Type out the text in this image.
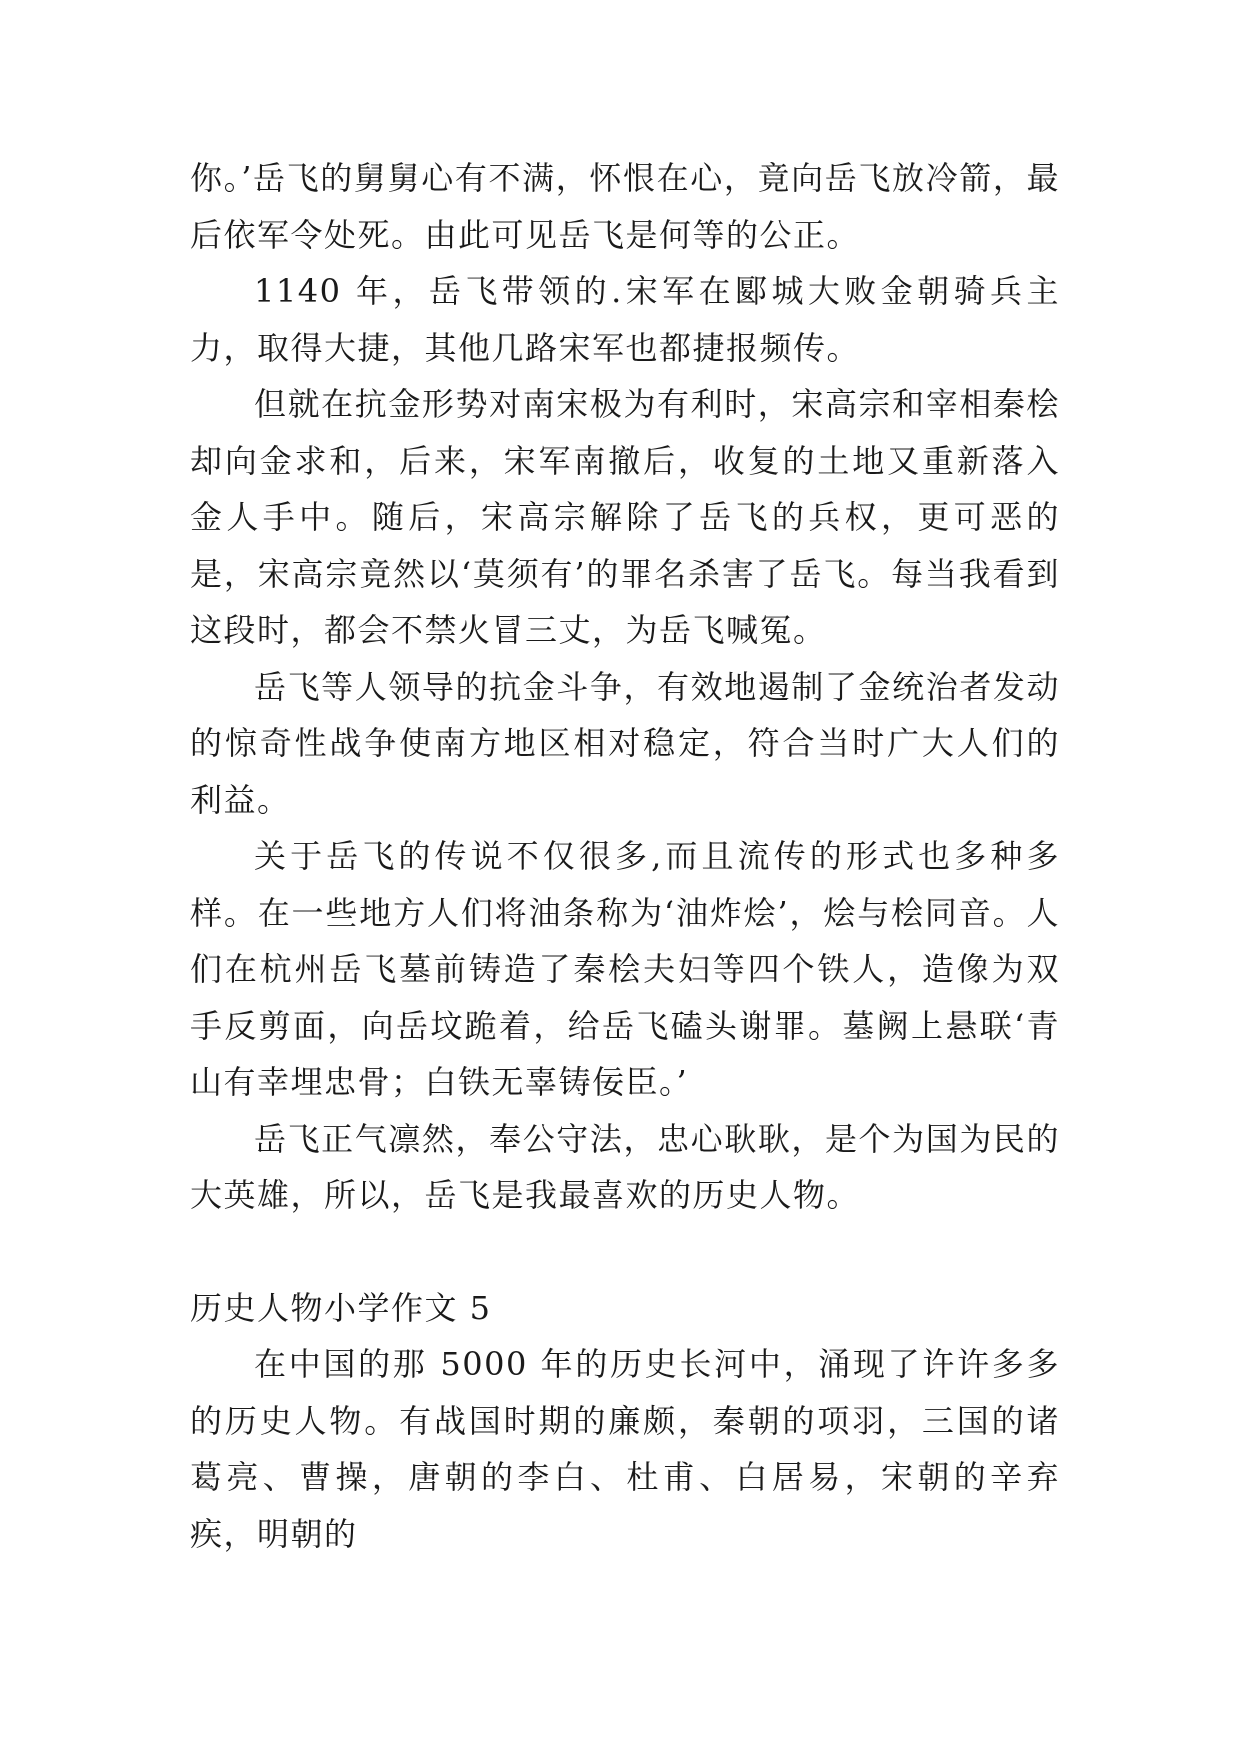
你。’岳飞的舅舅心有不满，怀恨在心，竟向岳飞放冷箭，最后依军令处死。由此可见岳飞是何等的公正。

1140 年，岳飞带领的.宋军在郾城大败金朝骑兵主力，取得大捷，其他几路宋军也都捷报频传。

但就在抗金形势对南宋极为有利时，宋高宗和宰相秦桧却向金求和，后来，宋军南撤后，收复的土地又重新落入金人手中。随后，宋高宗解除了岳飞的兵权，更可恶的是，宋高宗竟然以‘莫须有’的罪名杀害了岳飞。每当我看到这段时，都会不禁火冒三丈，为岳飞喊冤。

岳飞等人领导的抗金斗争，有效地遏制了金统治者发动的惊奇性战争使南方地区相对稳定，符合当时广大人们的利益。

关于岳飞的传说不仅很多,而且流传的形式也多种多样。在一些地方人们将油条称为‘油炸烩’，烩与桧同音。人们在杭州岳飞墓前铸造了秦桧夫妇等四个铁人，造像为双手反剪面，向岳坟跪着，给岳飞磕头谢罪。墓阙上悬联‘青山有幸埋忠骨；白铁无辜铸佞臣。’

岳飞正气凛然，奉公守法，忠心耿耿，是个为国为民的大英雄，所以，岳飞是我最喜欢的历史人物。

历史人物小学作文 5

在中国的那 5000 年的历史长河中，涌现了许许多多的历史人物。有战国时期的廉颇，秦朝的项羽，三国的诸葛亮、曹操，唐朝的李白、杜甫、白居易，宋朝的辛弃疾，明朝的
